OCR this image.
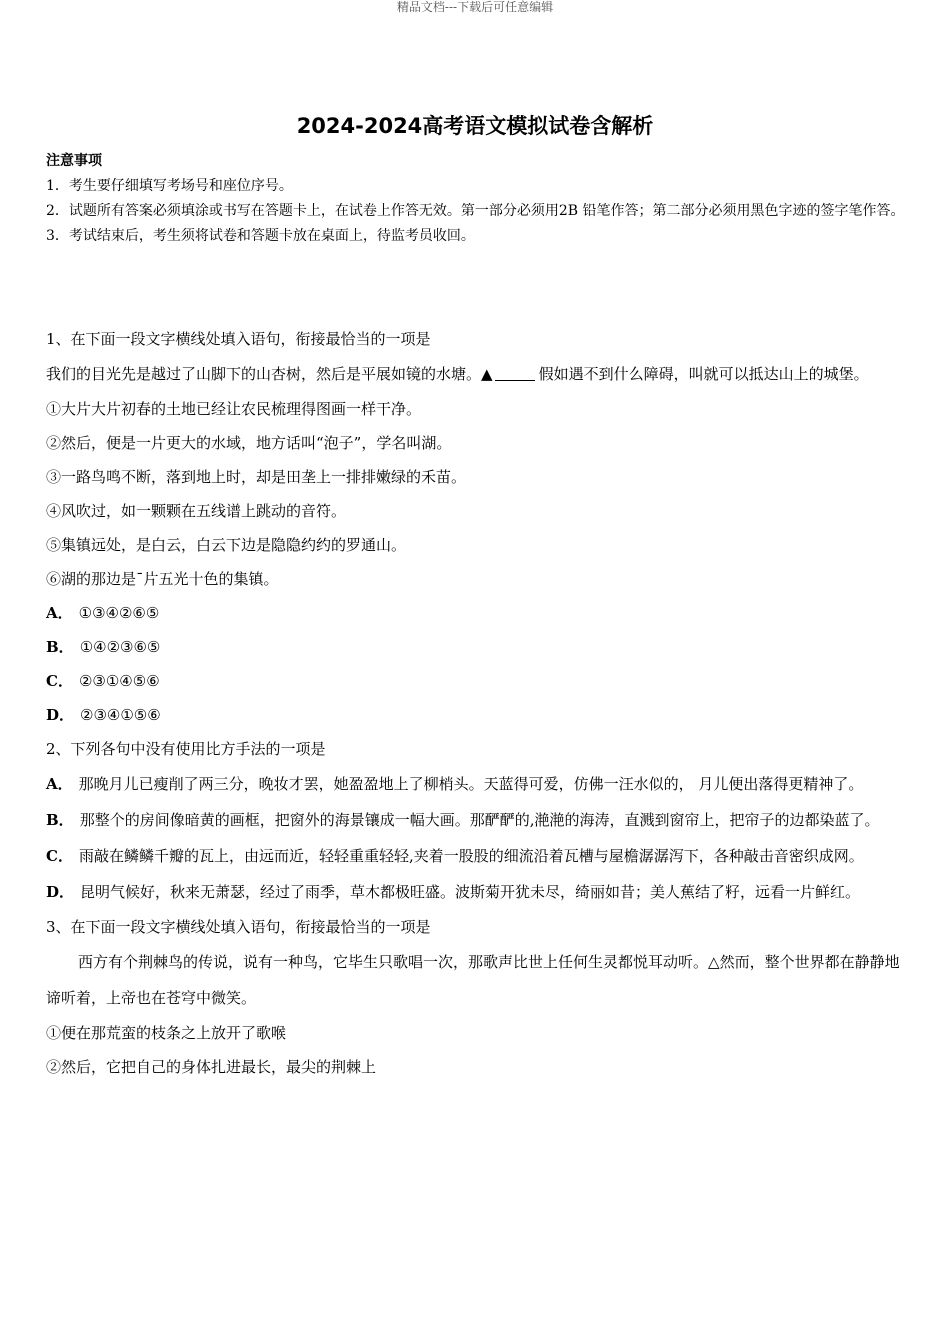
精品文档---下载后可任意编辑
2024-2024高考语文模拟试卷含解析

注意事项

1．考生要仔细填写考场号和座位序号。

2．试题所有答案必须填涂或书写在答题卡上，在试卷上作答无效。第一部分必须用2B 铅笔作答；第二部分必须用黑色字迹的签字笔作答。

3．考试结束后，考生须将试卷和答题卡放在桌面上，待监考员收回。

1、在下面一段文字横线处填入语句，衔接最恰当的一项是

我们的目光先是越过了山脚下的山杏树，然后是平展如镜的水塘。▲	假如遇不到什么障碍，叫就可以抵达山上的城堡。

①大片大片初春的土地已经让农民梳理得图画一样干净。

②然后，便是一片更大的水域，地方话叫“泡子”，学名叫湖。

③一路鸟鸣不断，落到地上时，却是田垄上一排排嫩绿的禾苗。

④风吹过，如一颗颗在五线谱上跳动的音符。

⑤集镇远处，是白云，白云下边是隐隐约约的罗通山。

⑥湖的那边是¯片五光十色的集镇。

A． ①③④②⑥⑤

B． ①④②③⑥⑤

C． ②③①④⑤⑥

D． ②③④①⑤⑥

2、下列各句中没有使用比方手法的一项是

A． 那晚月儿已瘦削了两三分，晚妆才罢，她盈盈地上了柳梢头。天蓝得可爱，仿佛一汪水似的， 月儿便出落得更精神了。

B． 那整个的房间像暗黄的画框，把窗外的海景镶成一幅大画。那酽酽的,滟滟的海涛，直溅到窗帘上，把帘子的边都染蓝了。

C． 雨敲在鳞鳞千瓣的瓦上，由远而近，轻轻重重轻轻,夹着一股股的细流沿着瓦槽与屋檐潺潺泻下，各种敲击音密织成网。

D． 昆明气候好，秋来无萧瑟，经过了雨季，草木都极旺盛。波斯菊开犹未尽，绮丽如昔；美人蕉结了籽，远看一片鲜红。

3、在下面一段文字横线处填入语句，衔接最恰当的一项是

西方有个荆棘鸟的传说，说有一种鸟，它毕生只歌唱一次，那歌声比世上任何生灵都悦耳动听。△然而，整个世界都在静静地谛听着，上帝也在苍穹中微笑。

①便在那荒蛮的枝条之上放开了歌喉

②然后，它把自己的身体扎进最长，最尖的荆棘上
